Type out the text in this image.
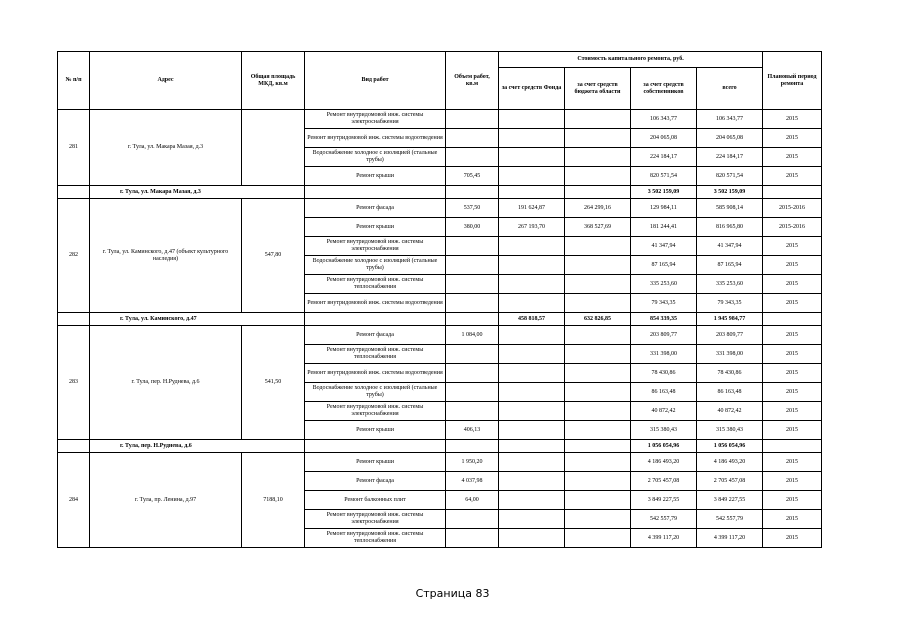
№ п/п	Адрес	Общая площадь МКД, кв.м	Вид работ	Объем работ, кв.м	Стоимость капитального ремонта, руб.				Плановый период ремонта
					за счет средств Фонда	за счет средств бюджета области	за счет средств собственников	всего	
281	г. Тула, ул. Макара Мазая, д.3		Ремонт внутридомовой инж. системы электроснабжения				106 343,77	106 343,77	2015
			Ремонт внутридомовой инж. системы водоотведения				204 065,08	204 065,08	2015
			Водоснабжение холодное с изоляцией (стальные трубы)				224 184,17	224 184,17	2015
			Ремонт крыши	705,45			820 571,54	820 571,54	2015
	г. Тула, ул. Макара Мазая, д.3						3 502 159,09	3 502 159,09	
282	г. Тула, ул. Каминского, д.47 (объект культурного наследия)	547,80	Ремонт фасада	537,50	191 624,87	264 299,16	129 984,11	585 908,14	2015-2016
			Ремонт крыши	380,00	267 193,70	368 527,69	181 244,41	816 965,80	2015-2016
			Ремонт внутридомовой инж. системы электроснабжения				41 347,94	41 347,94	2015
			Водоснабжение холодное с изоляцией (стальные трубы)				87 165,94	87 165,94	2015
			Ремонт внутридомовой инж. системы теплоснабжения				335 253,60	335 253,60	2015
			Ремонт внутридомовой инж. системы водоотведения				79 343,35	79 343,35	2015
	г. Тула, ул. Каминского, д.47				458 818,57	632 826,85	854 339,35	1 945 984,77	
283	г. Тула, пер. Н.Руднева, д.6	541,50	Ремонт фасада	1 084,00			203 809,77	203 809,77	2015
			Ремонт внутридомовой инж. системы теплоснабжения				331 398,00	331 398,00	2015
			Ремонт внутридомовой инж. системы водоотведения				78 430,86	78 430,86	2015
			Водоснабжение холодное с изоляцией (стальные трубы)				86 163,48	86 163,48	2015
			Ремонт внутридомовой инж. системы электроснабжения				40 872,42	40 872,42	2015
			Ремонт крыши	406,13			315 380,43	315 380,43	2015
	г. Тула, пер. Н.Руднева, д.6						1 056 054,96	1 056 054,96	
284	г. Тула, пр. Ленина, д.97	7188,10	Ремонт крыши	1 950,20			4 186 493,20	4 186 493,20	2015
			Ремонт фасада	4 037,98			2 705 457,08	2 705 457,08	2015
			Ремонт балконных плит	64,00			3 849 227,55	3 849 227,55	2015
			Ремонт внутридомовой инж. системы электроснабжения				542 557,79	542 557,79	2015
			Ремонт внутридомовой инж. системы теплоснабжения				4 399 117,20	4 399 117,20	2015
Страница 83
